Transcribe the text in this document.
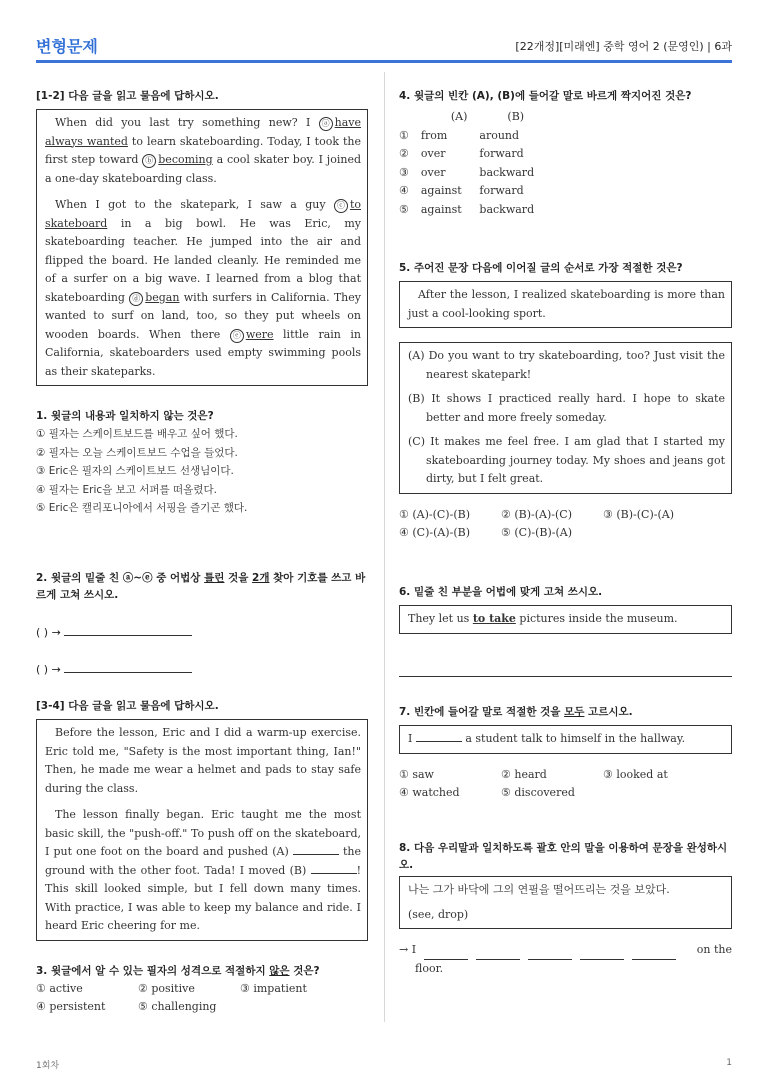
변형문제	[22개정][미래엔] 중학 영어 2 (문영인) | 6과

[1-2] 다음 글을 읽고 물음에 답하시오.

When did you last try something new? I ⓐ have always wanted to learn skateboarding. Today, I took the first step toward ⓑ becoming a cool skater boy. I joined a one-day skateboarding class.

When I got to the skatepark, I saw a guy ⓒ to skateboard in a big bowl. He was Eric, my skateboarding teacher. He jumped into the air and flipped the board. He landed cleanly. He reminded me of a surfer on a big wave. I learned from a blog that skateboarding ⓓ began with surfers in California. They wanted to surf on land, too, so they put wheels on wooden boards. When there ⓔ were little rain in California, skateboarders used empty swimming pools as their skateparks.

1. 윗글의 내용과 일치하지 않는 것은?

① 필자는 스케이트보드를 배우고 싶어 했다.
② 필자는 오늘 스케이트보드 수업을 들었다.
③ Eric은 필자의 스케이트보드 선생님이다.
④ 필자는 Eric을 보고 서퍼를 떠올렸다.
⑤ Eric은 캘리포니아에서 서핑을 즐기곤 했다.

2. 윗글의 밑줄 친 ⓐ~ⓔ 중 어법상 틀린 것을 2개 찾아 기호를 쓰고 바르게 고쳐 쓰시오.

( ) →
( ) →

[3-4] 다음 글을 읽고 물음에 답하시오.

Before the lesson, Eric and I did a warm-up exercise. Eric told me, "Safety is the most important thing, Ian!" Then, he made me wear a helmet and pads to stay safe during the class.

The lesson finally began. Eric taught me the most basic skill, the "push-off." To push off on the skateboard, I put one foot on the board and pushed (A)	the ground with the other foot. Tada! I moved (B)	! This skill looked simple, but I fell down many times. With practice, I was able to keep my balance and ride. I heard Eric cheering for me.

3. 윗글에서 알 수 있는 필자의 성격으로 적절하지 않은 것은?

① active	② positive	③ impatient
④ persistent	⑤ challenging

4. 윗글의 빈칸 (A), (B)에 들어갈 말로 바르게 짝지어진 것은?

	(A)	(B)
①	from	around
②	over	forward
③	over	backward
④	against	forward
⑤	against	backward

5. 주어진 문장 다음에 이어질 글의 순서로 가장 적절한 것은?

After the lesson, I realized skateboarding is more than just a cool-looking sport.

(A) Do you want to try skateboarding, too? Just visit the nearest skatepark!
(B) It shows I practiced really hard. I hope to skate better and more freely someday.
(C) It makes me feel free. I am glad that I started my skateboarding journey today. My shoes and jeans got dirty, but I felt great.
① (A)-(C)-(B)	② (B)-(A)-(C)	③ (B)-(C)-(A)
④ (C)-(A)-(B)	⑤ (C)-(B)-(A)

6. 밑줄 친 부분을 어법에 맞게 고쳐 쓰시오.

They let us to take pictures inside the museum.

7. 빈칸에 들어갈 말로 적절한 것을 모두 고르시오.

I	a student talk to himself in the hallway.

① saw	② heard	③ looked at
④ watched	⑤ discovered

8. 다음 우리말과 일치하도록 괄호 안의 말을 이용하여 문장을 완성하시오.

나는 그가 바닥에 그의 연필을 떨어뜨리는 것을 보았다.
(see, drop)
→ I	on the
floor.
1회차	1
